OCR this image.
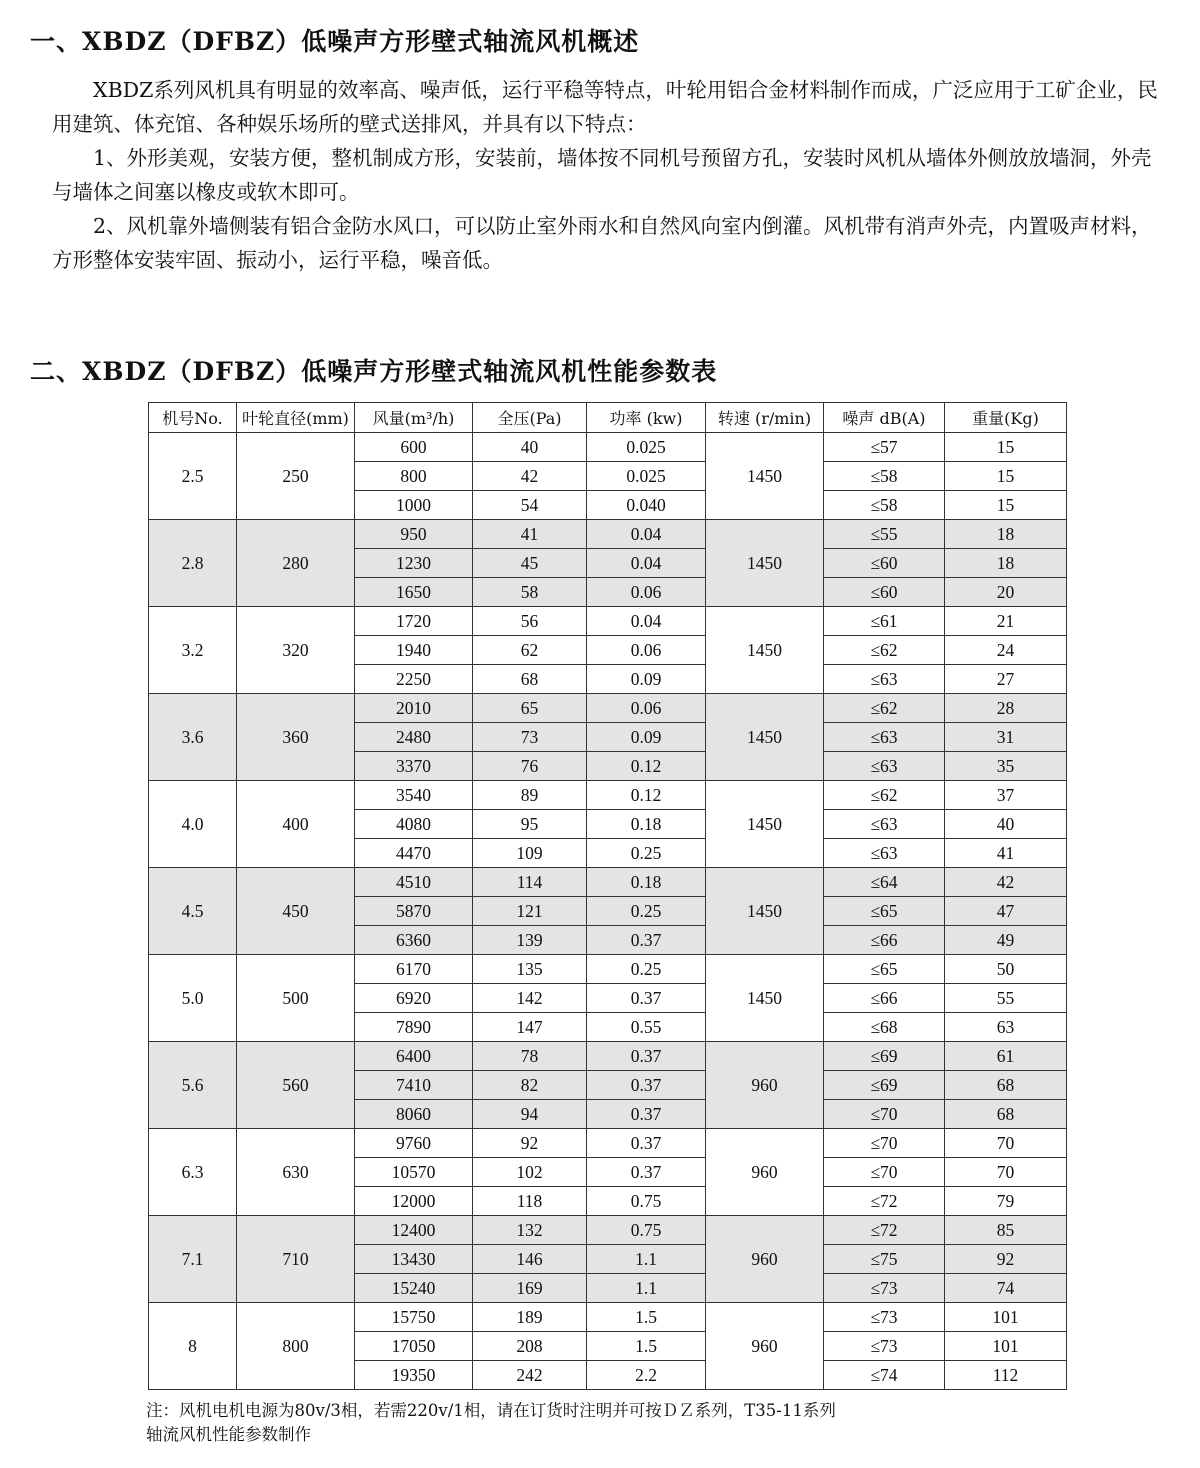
一、XBDZ（DFBZ）低噪声方形壁式轴流风机概述

XBDZ系列风机具有明显的效率高、噪声低，运行平稳等特点，叶轮用铝合金材料制作而成，广泛应用于工矿企业，民用建筑、体充馆、各种娱乐场所的壁式送排风，并具有以下特点：

1、外形美观，安装方便，整机制成方形，安装前，墙体按不同机号预留方孔，安装时风机从墙体外侧放放墙洞，外壳与墙体之间塞以橡皮或软木即可。

2、风机靠外墙侧装有铝合金防水风口，可以防止室外雨水和自然风向室内倒灌。风机带有消声外壳，内置吸声材料，方形整体安装牢固、振动小，运行平稳，噪音低。

二、XBDZ（DFBZ）低噪声方形壁式轴流风机性能参数表
机号No.	叶轮直径(mm)	风量(m³/h)	全压(Pa)	功率 (kw)	转速 (r/min)	噪声 dB(A)	重量(Kg)
2.5	250	600	40	0.025	1450	≤57	15
		800	42	0.025		≤58	15
		1000	54	0.040		≤58	15
2.8	280	950	41	0.04	1450	≤55	18
		1230	45	0.04		≤60	18
		1650	58	0.06		≤60	20
3.2	320	1720	56	0.04	1450	≤61	21
		1940	62	0.06		≤62	24
		2250	68	0.09		≤63	27
3.6	360	2010	65	0.06	1450	≤62	28
		2480	73	0.09		≤63	31
		3370	76	0.12		≤63	35
4.0	400	3540	89	0.12	1450	≤62	37
		4080	95	0.18		≤63	40
		4470	109	0.25		≤63	41
4.5	450	4510	114	0.18	1450	≤64	42
		5870	121	0.25		≤65	47
		6360	139	0.37		≤66	49
5.0	500	6170	135	0.25	1450	≤65	50
		6920	142	0.37		≤66	55
		7890	147	0.55		≤68	63
5.6	560	6400	78	0.37	960	≤69	61
		7410	82	0.37		≤69	68
		8060	94	0.37		≤70	68
6.3	630	9760	92	0.37	960	≤70	70
		10570	102	0.37		≤70	70
		12000	118	0.75		≤72	79
7.1	710	12400	132	0.75	960	≤72	85
		13430	146	1.1		≤75	92
		15240	169	1.1		≤73	74
8	800	15750	189	1.5	960	≤73	101
		17050	208	1.5		≤73	101
		19350	242	2.2		≤74	112
注：风机电机电源为80v/3相，若需220v/1相，请在订货时注明并可按ＤＺ系列，T35-11系列
轴流风机性能参数制作
